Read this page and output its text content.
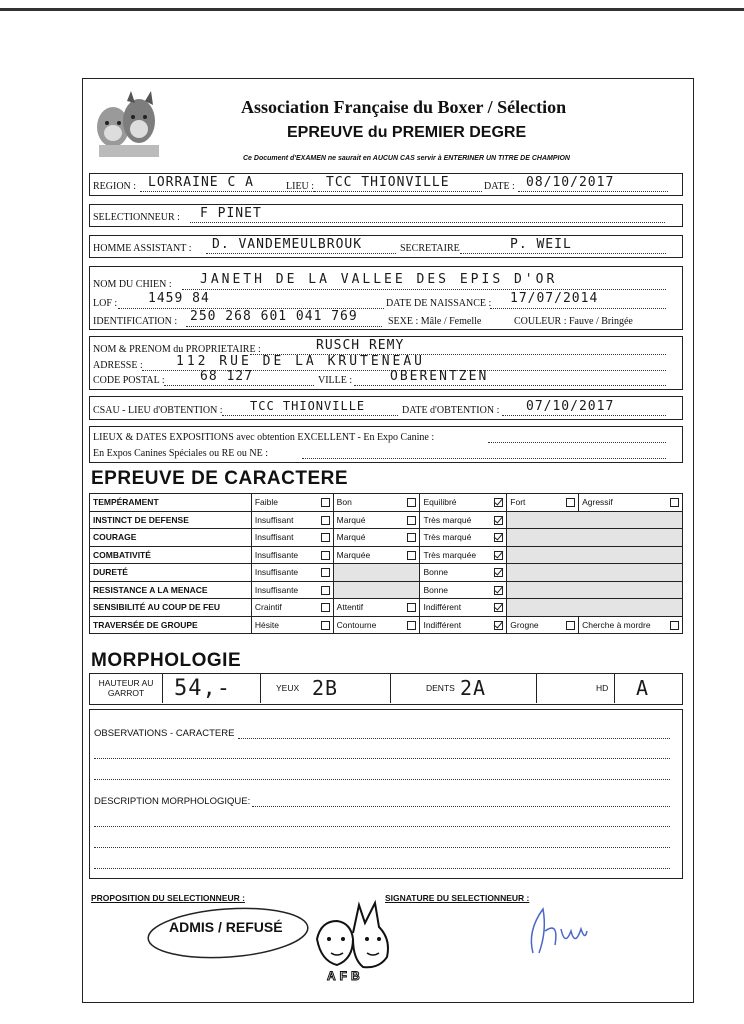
Association Française du Boxer / Sélection
EPREUVE du PREMIER DEGRE
Ce Document d'EXAMEN ne saurait en AUCUN CAS servir à ENTERINER UN TITRE DE CHAMPION
REGION : LORRAINE C A	LIEU : TCC THIONVILLE	DATE : 08/10/2017
SELECTIONNEUR : F PINET
HOMME ASSISTANT : D. VANDEMEULBROUK	SECRETAIRE	P. WEIL
NOM DU CHIEN : JANETH DE LA VALLEE DES EPIS D'OR
LOF : 1459 84	DATE DE NAISSANCE : 17/07/2014
IDENTIFICATION : 250 268 601 041 769	SEXE : Mâle / Femelle	COULEUR : Fauve / Bringée
NOM & PRENOM du PROPRIETAIRE :	RUSCH REMY
ADRESSE :	112 RUE DE LA KRUTENEAU
CODE POSTAL :	68 127	VILLE :	OBERENTZEN
CSAU - LIEU d'OBTENTION : TCC THIONVILLE	DATE d'OBTENTION : 07/10/2017
LIEUX & DATES EXPOSITIONS avec obtention EXCELLENT - En Expo Canine :
En Expos Canines Spéciales ou RE ou NE :
EPREUVE DE CARACTERE
TEMPÉRAMENT	Faible	Bon	Equilibré	Fort	Agressif

INSTINCT DE DEFENSE	Insuffisant	Marqué	Très marqué	

COURAGE	Insuffisant	Marqué	Très marqué	

COMBATIVITÉ	Insuffisante	Marquée	Très marquée	

DURETÉ	Insuffisante		Bonne	

RESISTANCE A LA MENACE	Insuffisante		Bonne	

SENSIBILITÉ AU COUP DE FEU	Craintif	Attentif	Indifférent	

TRAVERSÉE DE GROUPE	Hésite	Contourne	Indifférent	Grogne	Cherche à mordre
MORPHOLOGIE
HAUTEUR AU
GARROT	54,-	YEUX 2B	DENTS 2A	HD A
OBSERVATIONS - CARACTERE
DESCRIPTION MORPHOLOGIQUE:
PROPOSITION DU SELECTIONNEUR :	SIGNATURE DU SELECTIONNEUR :
ADMIS / REFUSÉ
AFB
